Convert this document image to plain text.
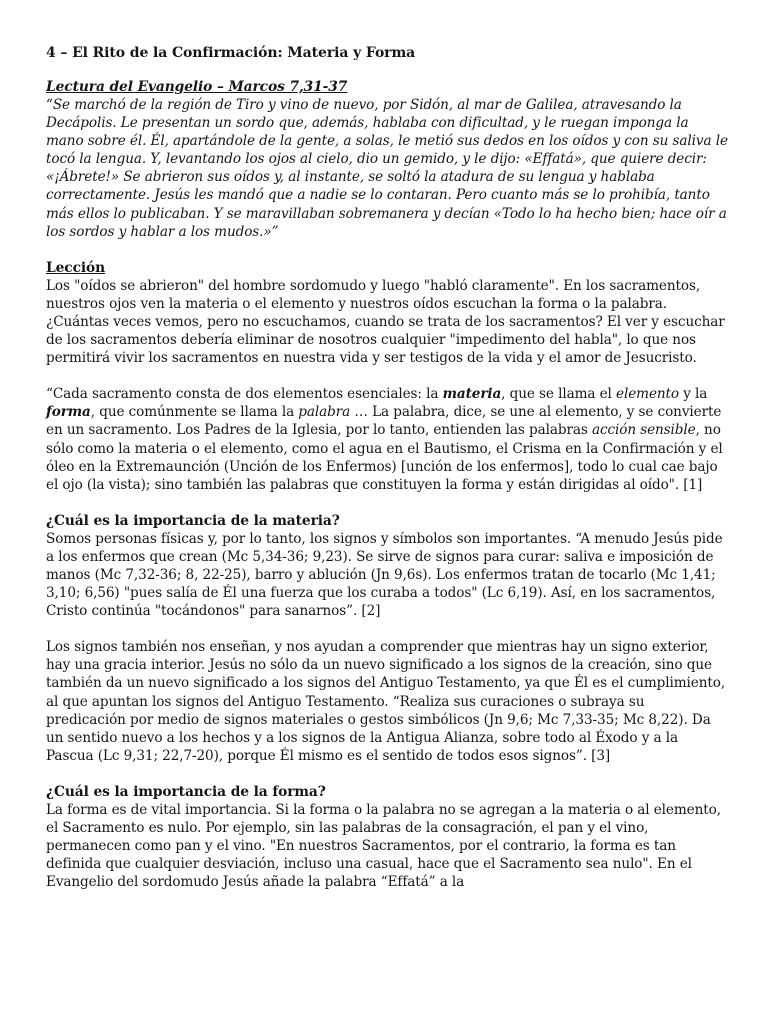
4 – El Rito de la Confirmación: Materia y Forma
Lectura del Evangelio – Marcos 7,31-37

“Se marchó de la región de Tiro y vino de nuevo, por Sidón, al mar de Galilea, atravesando la Decápolis. Le presentan un sordo que, además, hablaba con dificultad, y le ruegan imponga la mano sobre él. Él, apartándole de la gente, a solas, le metió sus dedos en los oídos y con su saliva le tocó la lengua. Y, levantando los ojos al cielo, dio un gemido, y le dijo: «Effatá», que quiere decir: «¡Ábrete!» Se abrieron sus oídos y, al instante, se soltó la atadura de su lengua y hablaba correctamente. Jesús les mandó que a nadie se lo contaran. Pero cuanto más se lo prohibía, tanto más ellos lo publicaban. Y se maravillaban sobremanera y decían «Todo lo ha hecho bien; hace oír a los sordos y hablar a los mudos.»”

Lección

Los "oídos se abrieron" del hombre sordomudo y luego "habló claramente". En los sacramentos, nuestros ojos ven la materia o el elemento y nuestros oídos escuchan la forma o la palabra. ¿Cuántas veces vemos, pero no escuchamos, cuando se trata de los sacramentos? El ver y escuchar de los sacramentos debería eliminar de nosotros cualquier "impedimento del habla", lo que nos permitirá vivir los sacramentos en nuestra vida y ser testigos de la vida y el amor de Jesucristo.

“Cada sacramento consta de dos elementos esenciales: la materia, que se llama el elemento y la forma, que comúnmente se llama la palabra … La palabra, dice, se une al elemento, y se convierte en un sacramento. Los Padres de la Iglesia, por lo tanto, entienden las palabras acción sensible, no sólo como la materia o el elemento, como el agua en el Bautismo, el Crisma en la Confirmación y el óleo en la Extremaunción (Unción de los Enfermos) [unción de los enfermos], todo lo cual cae bajo el ojo (la vista); sino también las palabras que constituyen la forma y están dirigidas al oído". [1]

¿Cuál es la importancia de la materia?

Somos personas físicas y, por lo tanto, los signos y símbolos son importantes. “A menudo Jesús pide a los enfermos que crean (Mc 5,34-36; 9,23). Se sirve de signos para curar: saliva e imposición de manos (Mc 7,32-36; 8, 22-25), barro y ablución (Jn 9,6s). Los enfermos tratan de tocarlo (Mc 1,41; 3,10; 6,56) "pues salía de Él una fuerza que los curaba a todos" (Lc 6,19). Así, en los sacramentos, Cristo continúa "tocándonos" para sanarnos”. [2]

Los signos también nos enseñan, y nos ayudan a comprender que mientras hay un signo exterior, hay una gracia interior. Jesús no sólo da un nuevo significado a los signos de la creación, sino que también da un nuevo significado a los signos del Antiguo Testamento, ya que Él es el cumplimiento, al que apuntan los signos del Antiguo Testamento. “Realiza sus curaciones o subraya su predicación por medio de signos materiales o gestos simbólicos (Jn 9,6; Mc 7,33-35; Mc 8,22). Da un sentido nuevo a los hechos y a los signos de la Antigua Alianza, sobre todo al Éxodo y a la Pascua (Lc 9,31; 22,7-20), porque Él mismo es el sentido de todos esos signos”. [3]

¿Cuál es la importancia de la forma?

La forma es de vital importancia. Si la forma o la palabra no se agregan a la materia o al elemento, el Sacramento es nulo. Por ejemplo, sin las palabras de la consagración, el pan y el vino, permanecen como pan y el vino. "En nuestros Sacramentos, por el contrario, la forma es tan definida que cualquier desviación, incluso una casual, hace que el Sacramento sea nulo". En el Evangelio del sordomudo Jesús añade la palabra “Effatá” a la
